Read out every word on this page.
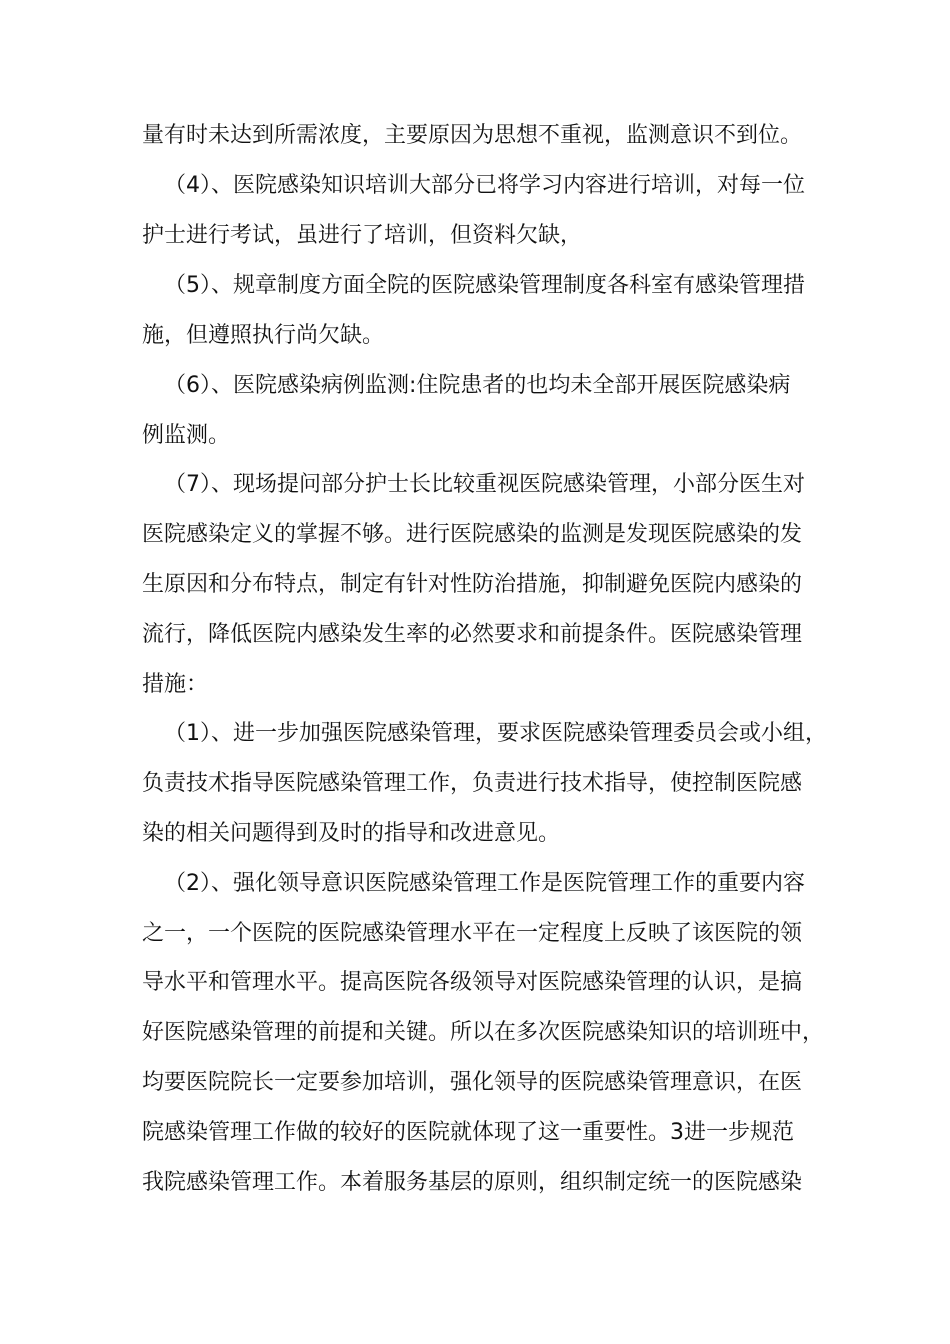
量有时未达到所需浓度，主要原因为思想不重视，监测意识不到位。
（4）、医院感染知识培训大部分已将学习内容进行培训，对每一位
护士进行考试，虽进行了培训，但资料欠缺，
（5）、规章制度方面全院的医院感染管理制度各科室有感染管理措
施，但遵照执行尚欠缺。
（6）、医院感染病例监测:住院患者的也均未全部开展医院感染病
例监测。
（7）、现场提问部分护士长比较重视医院感染管理，小部分医生对
医院感染定义的掌握不够。进行医院感染的监测是发现医院感染的发
生原因和分布特点，制定有针对性防治措施，抑制避免医院内感染的
流行，降低医院内感染发生率的必然要求和前提条件。医院感染管理
措施：
（1）、进一步加强医院感染管理，要求医院感染管理委员会或小组，
负责技术指导医院感染管理工作，负责进行技术指导，使控制医院感
染的相关问题得到及时的指导和改进意见。
（2）、强化领导意识医院感染管理工作是医院管理工作的重要内容
之一，一个医院的医院感染管理水平在一定程度上反映了该医院的领
导水平和管理水平。提高医院各级领导对医院感染管理的认识，是搞
好医院感染管理的前提和关键。所以在多次医院感染知识的培训班中，
均要医院院长一定要参加培训，强化领导的医院感染管理意识，在医
院感染管理工作做的较好的医院就体现了这一重要性。3进一步规范
我院感染管理工作。本着服务基层的原则，组织制定统一的医院感染
